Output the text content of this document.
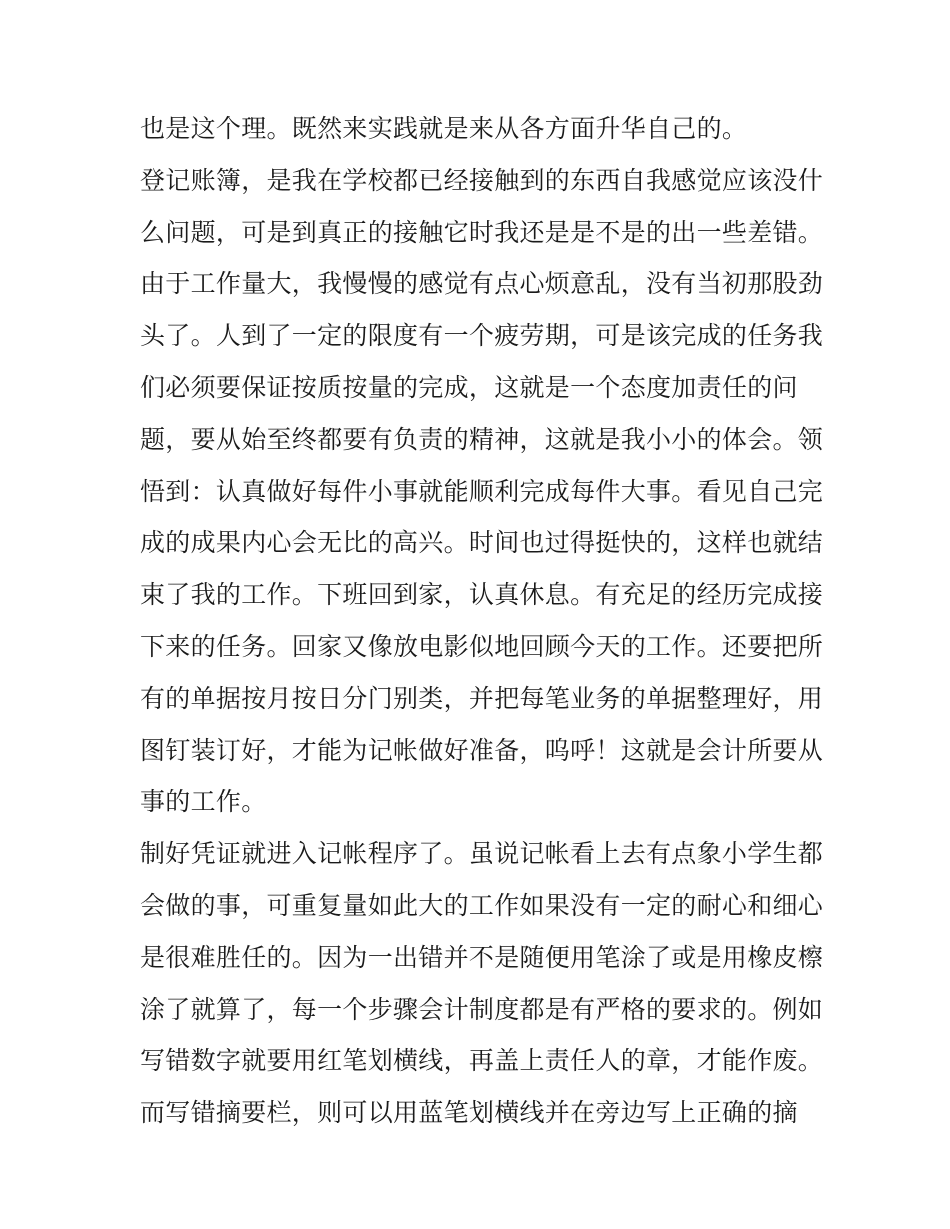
也是这个理。既然来实践就是来从各方面升华自己的。
登记账簿，是我在学校都已经接触到的东西自我感觉应该没什
么问题，可是到真正的接触它时我还是是不是的出一些差错。
由于工作量大，我慢慢的感觉有点心烦意乱，没有当初那股劲
头了。人到了一定的限度有一个疲劳期，可是该完成的任务我
们必须要保证按质按量的完成，这就是一个态度加责任的问
题，要从始至终都要有负责的精神，这就是我小小的体会。领
悟到：认真做好每件小事就能顺利完成每件大事。看见自己完
成的成果内心会无比的高兴。时间也过得挺快的，这样也就结
束了我的工作。下班回到家，认真休息。有充足的经历完成接
下来的任务。回家又像放电影似地回顾今天的工作。还要把所
有的单据按月按日分门别类，并把每笔业务的单据整理好，用
图钉装订好，才能为记帐做好准备，呜呼！这就是会计所要从
事的工作。
制好凭证就进入记帐程序了。虽说记帐看上去有点象小学生都
会做的事，可重复量如此大的工作如果没有一定的耐心和细心
是很难胜任的。因为一出错并不是随便用笔涂了或是用橡皮檫
涂了就算了，每一个步骤会计制度都是有严格的要求的。例如
写错数字就要用红笔划横线，再盖上责任人的章，才能作废。
而写错摘要栏，则可以用蓝笔划横线并在旁边写上正确的摘
